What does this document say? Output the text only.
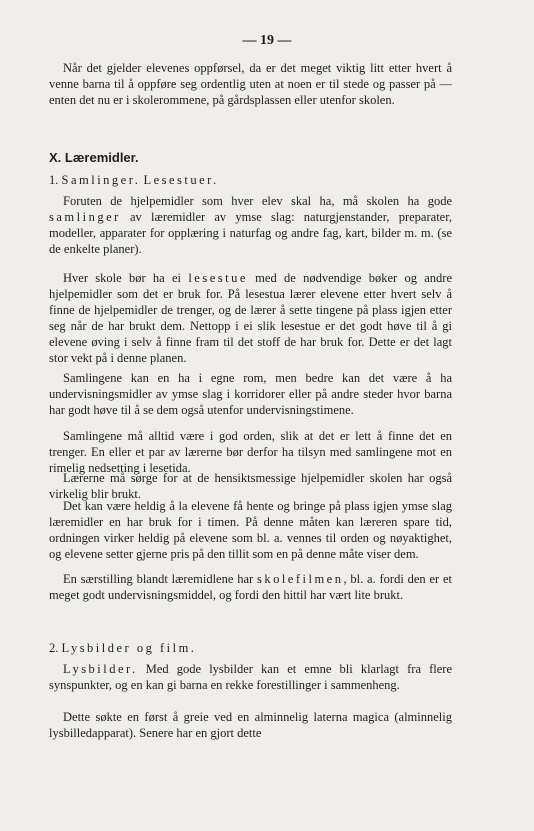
— 19 —

Når det gjelder elevenes oppførsel, da er det meget viktig litt etter hvert å venne barna til å oppføre seg ordentlig uten at noen er til stede og passer på — enten det nu er i skolerommene, på gårdsplassen eller utenfor skolen.

X. Læremidler.
1. Samlinger. Lesestuer.

Foruten de hjelpemidler som hver elev skal ha, må skolen ha gode samlinger av læremidler av ymse slag: naturgjenstander, preparater, modeller, apparater for opplæring i naturfag og andre fag, kart, bilder m. m. (se de enkelte planer).

Hver skole bør ha ei lesestue med de nødvendige bøker og andre hjelpemidler som det er bruk for. På lesestua lærer elevene etter hvert selv å finne de hjelpemidler de trenger, og de lærer å sette tingene på plass igjen etter seg når de har brukt dem. Nettopp i ei slik lesestue er det godt høve til å gi elevene øving i selv å finne fram til det stoff de har bruk for. Dette er det lagt stor vekt på i denne planen.

Samlingene kan en ha i egne rom, men bedre kan det være å ha undervisningsmidler av ymse slag i korridorer eller på andre steder hvor barna har godt høve til å se dem også utenfor undervisningstimene.

Samlingene må alltid være i god orden, slik at det er lett å finne det en trenger. En eller et par av lærerne bør derfor ha tilsyn med samlingene mot en rimelig nedsetting i lesetida.

Lærerne må sørge for at de hensiktsmessige hjelpemidler skolen har også virkelig blir brukt.

Det kan være heldig å la elevene få hente og bringe på plass igjen ymse slag læremidler en har bruk for i timen. På denne måten kan læreren spare tid, ordningen virker heldig på elevene som bl. a. vennes til orden og nøyaktighet, og elevene setter gjerne pris på den tillit som en på denne måte viser dem.

En særstilling blandt læremidlene har skolefilmen, bl. a. fordi den er et meget godt undervisningsmiddel, og fordi den hittil har vært lite brukt.

2. Lysbilder og film.

Lysbilder. Med gode lysbilder kan et emne bli klarlagt fra flere synspunkter, og en kan gi barna en rekke forestillinger i sammenheng.

Dette søkte en først å greie ved en alminnelig laterna magica (alminnelig lysbilledapparat). Senere har en gjort dette
